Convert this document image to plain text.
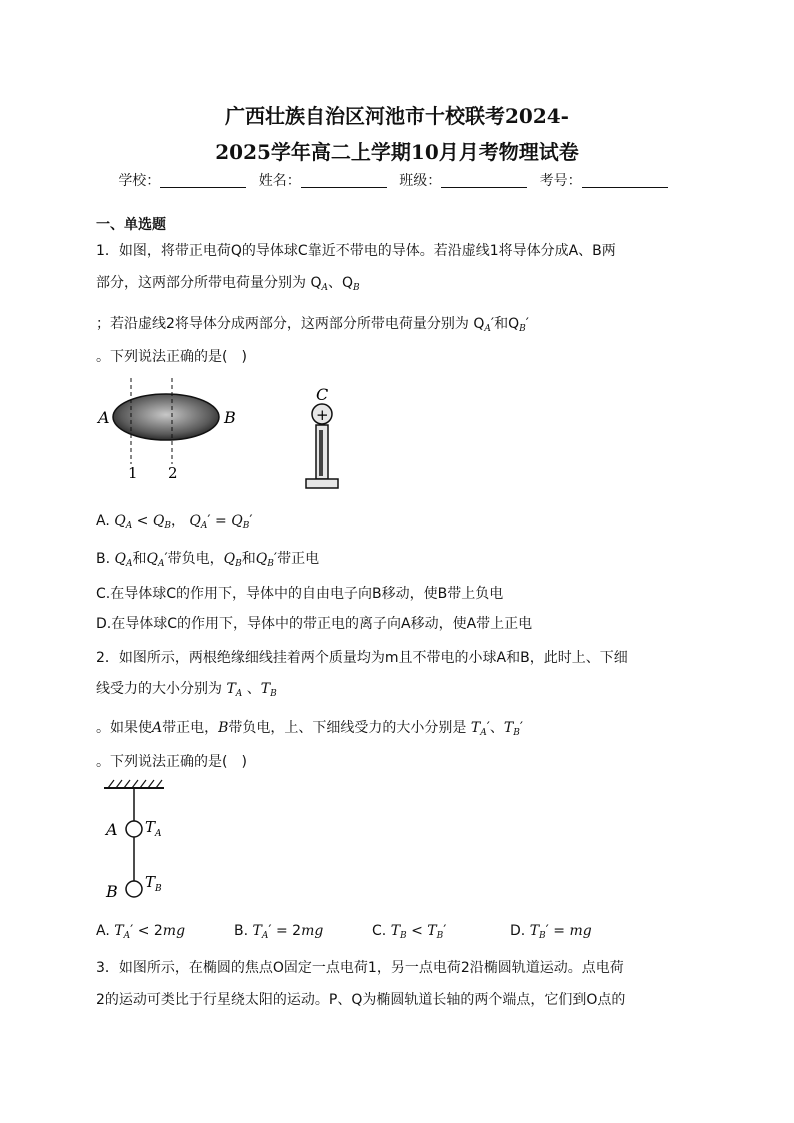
广西壮族自治区河池市十校联考2024-
2025学年高二上学期10月月考物理试卷
学校：	姓名：	班级：	考号：
一、单选题
1．如图，将带正电荷Q的导体球C靠近不带电的导体。若沿虚线1将导体分成A、B两
部分，这两部分所带电荷量分别为 $Q_A$、$Q_B$
；若沿虚线2将导体分成两部分，这两部分所带电荷量分别为 $Q_A'$和$Q_B'$
。下列说法正确的是(　)
A	B
1 2
C
+
A. $Q_A < Q_B$， $Q_A' = Q_B'$
B. $Q_A$和$Q_A'$带负电，$Q_B$和$Q_B'$带正电
C.在导体球C的作用下，导体中的自由电子向B移动，使B带上负电
D.在导体球C的作用下，导体中的带正电的离子向A移动，使A带上正电
2．如图所示，两根绝缘细线挂着两个质量均为m且不带电的小球A和B，此时上、下细
线受力的大小分别为 $T_A$ 、$T_B$
。如果使A带正电，B带负电，上、下细线受力的大小分别是 $T_A'$、$T_B'$
。下列说法正确的是(　)
A
B
$T_A$
$T_B$
A. $T_A' < 2mg$	B. $T_A' = 2mg$	C. $T_B < T_B'$	D. $T_B'$ = mg
3．如图所示，在椭圆的焦点O固定一点电荷1，另一点电荷2沿椭圆轨道运动。点电荷
2的运动可类比于行星绕太阳的运动。P、Q为椭圆轨道长轴的两个端点，它们到O点的
